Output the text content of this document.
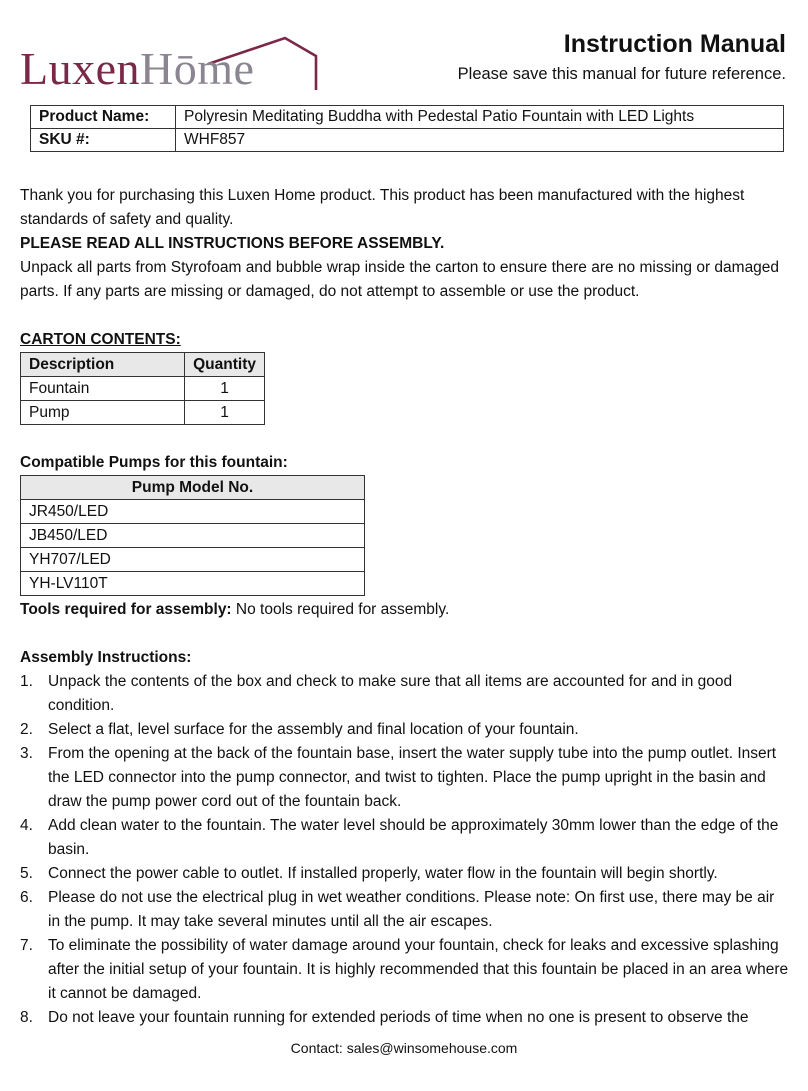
LuxenHōme	Instruction Manual
Please save this manual for future reference.
Product Name:	Polyresin Meditating Buddha with Pedestal Patio Fountain with LED Lights
SKU #:	WHF857
Thank you for purchasing this Luxen Home product. This product has been manufactured with the highest standards of safety and quality.
PLEASE READ ALL INSTRUCTIONS BEFORE ASSEMBLY.
Unpack all parts from Styrofoam and bubble wrap inside the carton to ensure there are no missing or damaged parts. If any parts are missing or damaged, do not attempt to assemble or use the product.
CARTON CONTENTS:
Description	Quantity
Fountain	1
Pump	1
Compatible Pumps for this fountain:
Pump Model No.
JR450/LED
JB450/LED
YH707/LED
YH-LV110T
Tools required for assembly: No tools required for assembly.
Assembly Instructions:
1. Unpack the contents of the box and check to make sure that all items are accounted for and in good condition.
2. Select a flat, level surface for the assembly and final location of your fountain.
3. From the opening at the back of the fountain base, insert the water supply tube into the pump outlet. Insert the LED connector into the pump connector, and twist to tighten. Place the pump upright in the basin and draw the pump power cord out of the fountain back.
4. Add clean water to the fountain. The water level should be approximately 30mm lower than the edge of the basin.
5. Connect the power cable to outlet. If installed properly, water flow in the fountain will begin shortly.
6. Please do not use the electrical plug in wet weather conditions. Please note: On first use, there may be air in the pump. It may take several minutes until all the air escapes.
7. To eliminate the possibility of water damage around your fountain, check for leaks and excessive splashing after the initial setup of your fountain. It is highly recommended that this fountain be placed in an area where it cannot be damaged.
8. Do not leave your fountain running for extended periods of time when no one is present to observe the
Contact: sales@winsomehouse.com
